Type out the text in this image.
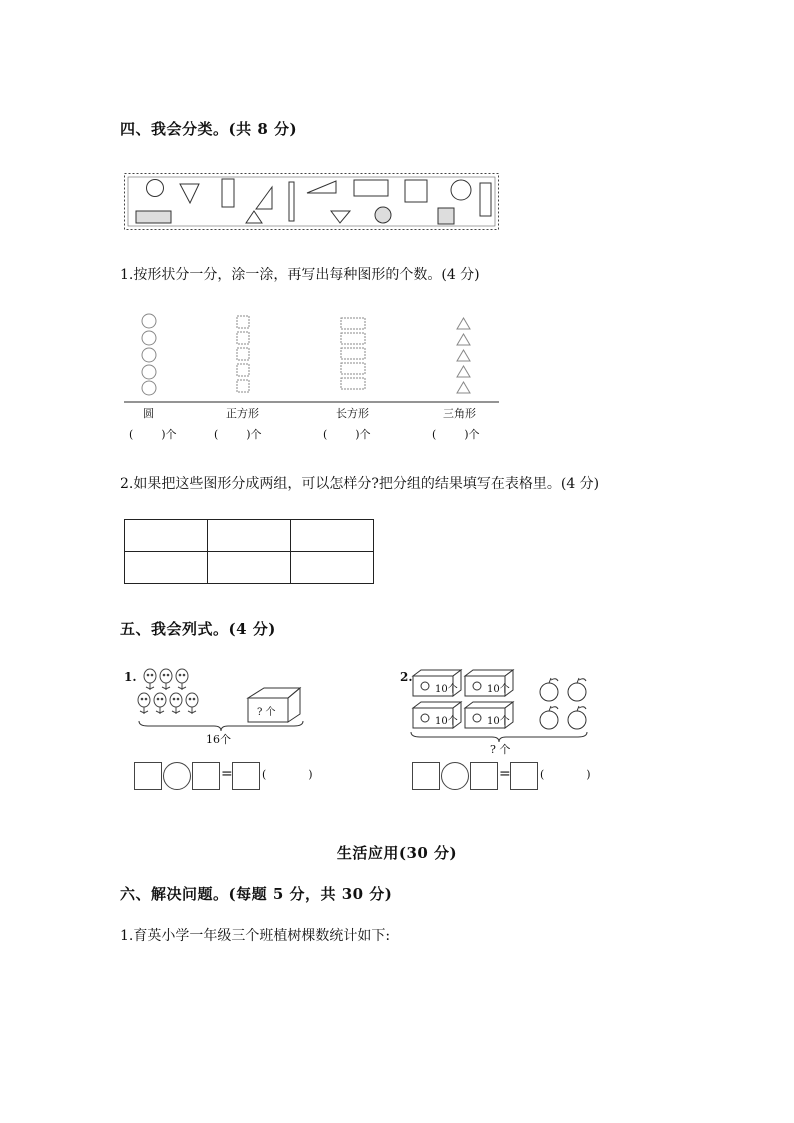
四、我会分类。(共 8 分)
1.按形状分一分，涂一涂，再写出每种图形的个数。(4 分)
圆	正方形	长方形	三角形
(        )个	(        )个	(        )个	(        )个
2.如果把这些图形分成两组，可以怎样分?把分组的结果填写在表格里。(4 分)

五、我会列式。(4 分)
1.
? 个
16个
=	(            )
2.
10个	10个
10个	10个
? 个
=	(            )
生活应用(30 分)
六、解决问题。(每题 5 分，共 30 分)
1.育英小学一年级三个班植树棵数统计如下:
